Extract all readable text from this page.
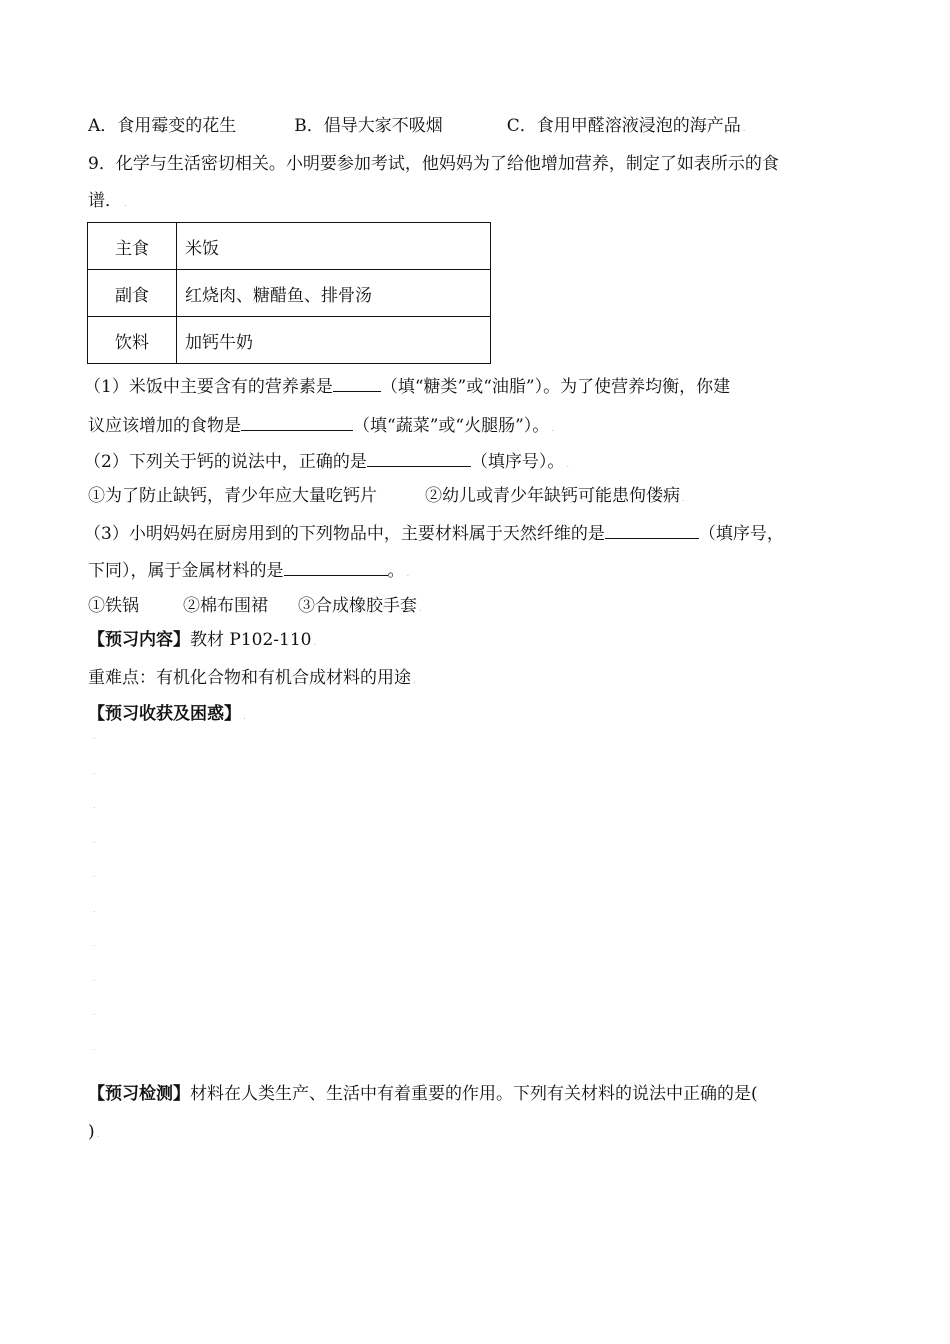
A．食用霉变的花生	B．倡导大家不吸烟	C．食用甲醛溶液浸泡的海产品 .
9．化学与生活密切相关。小明要参加考试，他妈妈为了给他增加营养，制定了如表所示的食
谱． .
主食	米饭
副食	红烧肉、糖醋鱼、排骨汤
饮料	加钙牛奶
（1）米饭中主要含有的营养素是	（填“糖类”或“油脂”）。为了使营养均衡，你建
议应该增加的食物是	（填“蔬菜”或“火腿肠”）。 .
（2）下列关于钙的说法中，正确的是	（填序号）。 .
①为了防止缺钙，青少年应大量吃钙片	②幼儿或青少年缺钙可能患佝偻病 .
（3）小明妈妈在厨房用到的下列物品中，主要材料属于天然纤维的是	（填序号，
下同），属于金属材料的是	。 .
①铁锅	②棉布围裙 ③合成橡胶手套 .
【预习内容】教材 P102-110 .
重难点：有机化合物和有机合成材料的用途 .
【预习收获及困惑】 .
.
.
.
.
.
.
.
.
.
.
【预习检测】材料在人类生产、生活中有着重要的作用。下列有关材料的说法中正确的是(
) .
